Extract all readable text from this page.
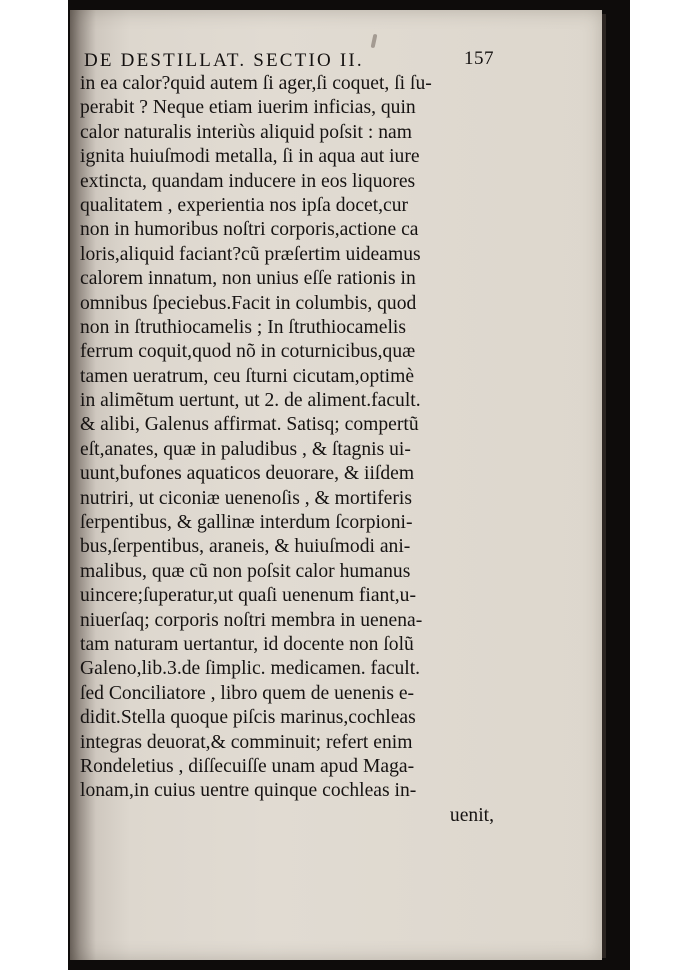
DE DESTILLAT. SECTIO II.	157
in ea calor?quid autem ſi ager,ſi coquet, ſi ſu-
perabit ? Neque etiam iuerim inficias, quin
calor naturalis interiùs aliquid poſsit : nam
ignita huiuſmodi metalla, ſi in aqua aut iure
extincta, quandam inducere in eos liquores
qualitatem , experientia nos ipſa docet,cur
non in humoribus noſtri corporis,actione ca
loris,aliquid faciant?cũ præſertim uideamus
calorem innatum, non unius eſſe rationis in
omnibus ſpeciebus.Facit in columbis, quod
non in ſtruthiocamelis ; In ſtruthiocamelis
ferrum coquit,quod nõ in coturnicibus,quæ
tamen ueratrum, ceu ſturni cicutam,optimè
in alimẽtum uertunt, ut 2. de aliment.facult.
& alibi, Galenus affirmat. Satisq; compertũ
eſt,anates, quæ in paludibus , & ſtagnis ui-
uunt,bufones aquaticos deuorare, & iiſdem
nutriri, ut ciconiæ uenenoſis , & mortiferis
ſerpentibus, & gallinæ interdum ſcorpioni-
bus,ſerpentibus, araneis, & huiuſmodi ani-
malibus, quæ cũ non poſsit calor humanus
uincere;ſuperatur,ut quaſi uenenum fiant,u-
niuerſaq; corporis noſtri membra in uenena-
tam naturam uertantur, id docente non ſolũ
Galeno,lib.3.de ſimplic. medicamen. facult.
ſed Conciliatore , libro quem de uenenis e-
didit.Stella quoque piſcis marinus,cochleas
integras deuorat,& comminuit; refert enim
Rondeletius , diſſecuiſſe unam apud Maga-
lonam,in cuius uentre quinque cochleas in-
uenit,
